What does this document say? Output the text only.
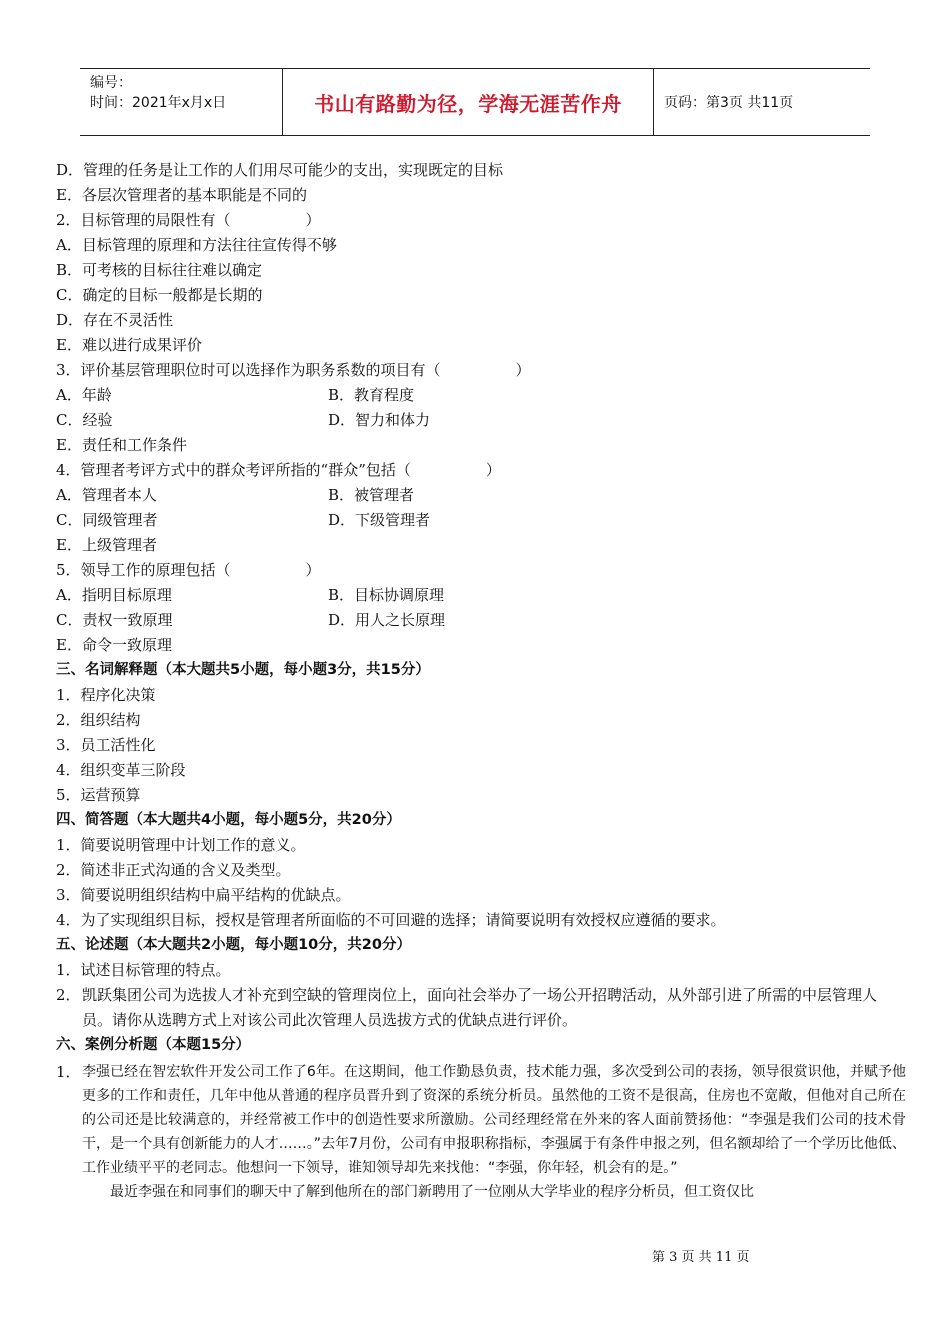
编号：
时间：2021年x月x日	书山有路勤为径，学海无涯苦作舟	页码：第3页 共11页
D．管理的任务是让工作的人们用尽可能少的支出，实现既定的目标
E．各层次管理者的基本职能是不同的
2．目标管理的局限性有（　　　　　）
A．目标管理的原理和方法往往宣传得不够
B．可考核的目标往往难以确定
C．确定的目标一般都是长期的
D．存在不灵活性
E．难以进行成果评价
3．评价基层管理职位时可以选择作为职务系数的项目有（　　　　　）
A．年龄	B．教育程度
C．经验	D．智力和体力
E．责任和工作条件
4．管理者考评方式中的群众考评所指的“群众”包括（　　　　　）
A．管理者本人	B．被管理者
C．同级管理者	D．下级管理者
E．上级管理者
5．领导工作的原理包括（　　　　　）
A．指明目标原理	B．目标协调原理
C．责权一致原理	D．用人之长原理
E．命令一致原理
三、名词解释题（本大题共5小题，每小题3分，共15分）
1．程序化决策
2．组织结构
3．员工活性化
4．组织变革三阶段
5．运营预算
四、简答题（本大题共4小题，每小题5分，共20分）
1．简要说明管理中计划工作的意义。
2．简述非正式沟通的含义及类型。
3．简要说明组织结构中扁平结构的优缺点。
4．为了实现组织目标，授权是管理者所面临的不可回避的选择；请简要说明有效授权应遵循的要求。
五、论述题（本大题共2小题，每小题10分，共20分）
1．试述目标管理的特点。
2． 凯跃集团公司为选拔人才补充到空缺的管理岗位上，面向社会举办了一场公开招聘活动，从外部引进了所需的中层管理人员。请你从选聘方式上对该公司此次管理人员选拔方式的优缺点进行评价。
六、案例分析题（本题15分）
1． 李强已经在智宏软件开发公司工作了6年。在这期间，他工作勤恳负责，技术能力强，多次受到公司的表扬，领导很赏识他，并赋予他更多的工作和责任，几年中他从普通的程序员晋升到了资深的系统分析员。虽然他的工资不是很高，住房也不宽敞，但他对自己所在的公司还是比较满意的，并经常被工作中的创造性要求所激励。公司经理经常在外来的客人面前赞扬他：“李强是我们公司的技术骨干，是一个具有创新能力的人才……。”去年7月份，公司有申报职称指标，李强属于有条件申报之列，但名额却给了一个学历比他低、工作业绩平平的老同志。他想问一下领导，谁知领导却先来找他：“李强，你年轻，机会有的是。”
最近李强在和同事们的聊天中了解到他所在的部门新聘用了一位刚从大学毕业的程序分析员，但工资仅比
第 3 页 共 11 页
